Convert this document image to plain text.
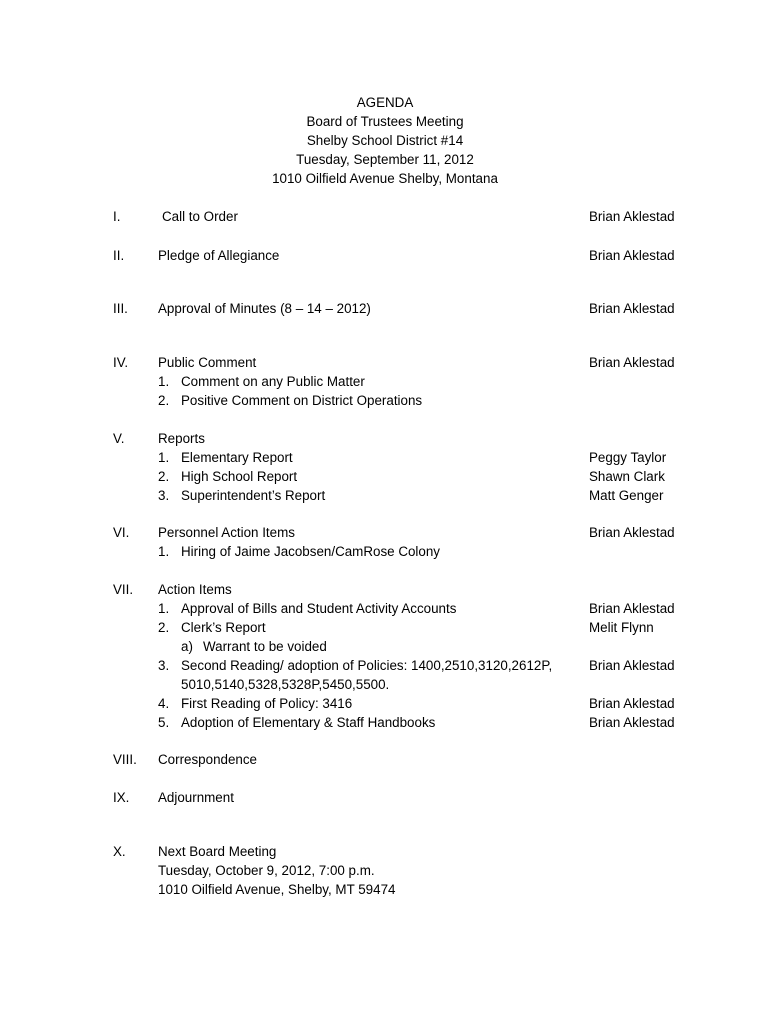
AGENDA
Board of Trustees Meeting
Shelby School District #14
Tuesday, September 11, 2012
1010 Oilfield Avenue Shelby, Montana
I.	Call to Order	Brian Aklestad
II.	Pledge of Allegiance	Brian Aklestad
III. Approval of Minutes (8 – 14 – 2012)	Brian Aklestad
IV. Public Comment	Brian Aklestad
1. Comment on any Public Matter
2. Positive Comment on District Operations
V.	Reports
1. Elementary Report	Peggy Taylor
2. High School Report	Shawn Clark
3. Superintendent’s Report	Matt Genger
VI. Personnel Action Items	Brian Aklestad
1. Hiring of Jaime Jacobsen/CamRose Colony
VII. Action Items
1. Approval of Bills and Student Activity Accounts	Brian Aklestad
2. Clerk’s Report	Melit Flynn
a) Warrant to be voided
3. Second Reading/ adoption of Policies: 1400,2510,3120,2612P,	Brian Aklestad
5010,5140,5328,5328P,5450,5500.
4. First Reading of Policy: 3416	Brian Aklestad
5. Adoption of Elementary & Staff Handbooks	Brian Aklestad
VIII. Correspondence
IX. Adjournment
X. Next Board Meeting
Tuesday, October 9, 2012, 7:00 p.m.
1010 Oilfield Avenue, Shelby, MT 59474
